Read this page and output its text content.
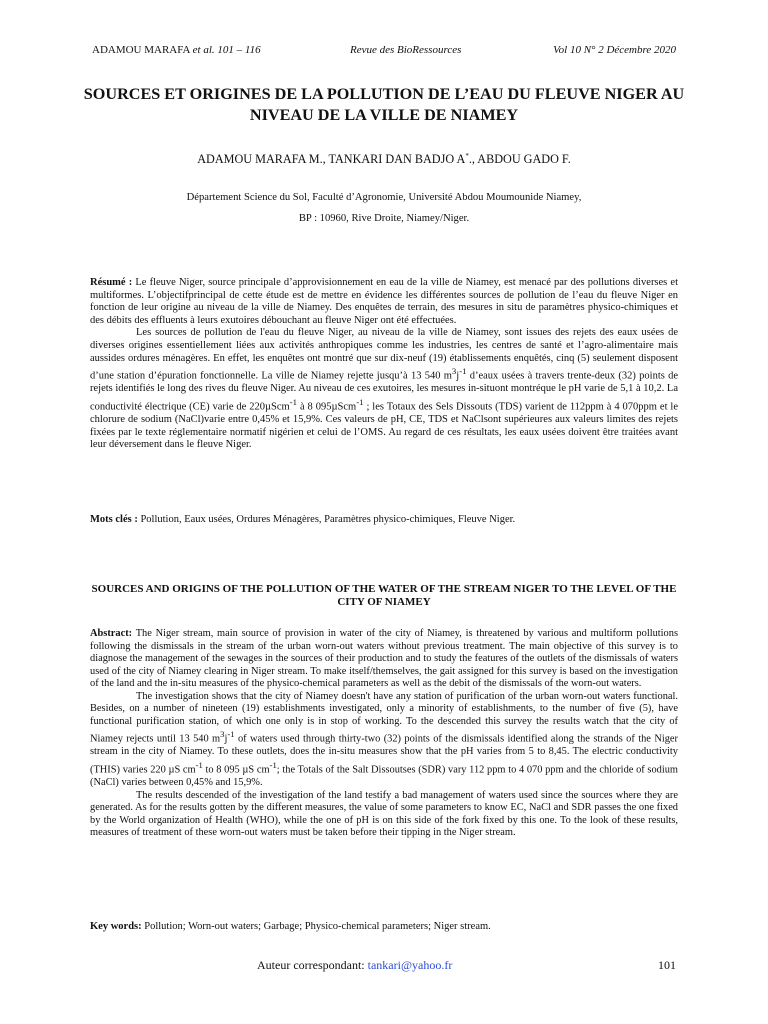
ADAMOU MARAFA et al. 101 – 116	Revue des BioRessources	Vol 10 N° 2 Décembre 2020
SOURCES ET ORIGINES DE LA POLLUTION DE L’EAU DU FLEUVE NIGER AU NIVEAU DE LA VILLE DE NIAMEY
ADAMOU MARAFA M., TANKARI DAN BADJO A*., ABDOU GADO F.
Département Science du Sol, Faculté d’Agronomie, Université Abdou Moumounide Niamey,
BP : 10960, Rive Droite, Niamey/Niger.

Résumé : Le fleuve Niger, source principale d’approvisionnement en eau de la ville de Niamey, est menacé par des pollutions diverses et multiformes. L’objectifprincipal de cette étude est de mettre en évidence les différentes sources de pollution de l’eau du fleuve Niger en fonction de leur origine au niveau de la ville de Niamey. Des enquêtes de terrain, des mesures in situ de paramètres physico-chimiques et des débits des effluents à leurs exutoires débouchant au fleuve Niger ont été effectuées.

Les sources de pollution de l'eau du fleuve Niger, au niveau de la ville de Niamey, sont issues des rejets des eaux usées de diverses origines essentiellement liées aux activités anthropiques comme les industries, les centres de santé et l’agro-alimentaire mais aussides ordures ménagères. En effet, les enquêtes ont montré que sur dix-neuf (19) établissements enquêtés, cinq (5) seulement disposent d’une station d’épuration fonctionnelle. La ville de Niamey rejette jusqu’à 13 540 $m^3j^{-1}$ d’eaux usées à travers trente-deux (32) points de rejets identifiés le long des rives du fleuve Niger. Au niveau de ces exutoires, les mesures in-situont montréque le pH varie de 5,1 à 10,2. La conductivité électrique (CE) varie de 220µScm$^{-1}$ à 8 095µScm$^{-1}$ ; les Totaux des Sels Dissouts (TDS) varient de 112ppm à 4 070ppm et le chlorure de sodium (NaCl)varie entre 0,45% et 15,9%. Ces valeurs de pH, CE, TDS et NaClsont supérieures aux valeurs limites des rejets fixées par le texte réglementaire normatif nigérien et celui de l’OMS. Au regard de ces résultats, les eaux usées doivent être traitées avant leur déversement dans le fleuve Niger.

Mots clés : Pollution, Eaux usées, Ordures Ménagères, Paramètres physico-chimiques, Fleuve Niger.
SOURCES AND ORIGINS OF THE POLLUTION OF THE WATER OF THE STREAM NIGER TO THE LEVEL OF THE CITY OF NIAMEY

Abstract: The Niger stream, main source of provision in water of the city of Niamey, is threatened by various and multiform pollutions following the dismissals in the stream of the urban worn-out waters without previous treatment. The main objective of this survey is to diagnose the management of the sewages in the sources of their production and to study the features of the outlets of the dismissals of waters used of the city of Niamey clearing in Niger stream. To make itself/themselves, the gait assigned for this survey is based on the investigation of the land and the in-situ measures of the physico-chemical parameters as well as the debit of the dismissals of the worn-out waters.

The investigation shows that the city of Niamey doesn't have any station of purification of the urban worn-out waters functional. Besides, on a number of nineteen (19) establishments investigated, only a minority of establishments, to the number of five (5), have functional purification station, of which one only is in stop of working. To the descended this survey the results watch that the city of Niamey rejects until 13 540 $m^3j^{-1}$ of waters used through thirty-two (32) points of the dismissals identified along the strands of the Niger stream in the city of Niamey. To these outlets, does the in-situ measures show that the pH varies from 5 to 8,45. The electric conductivity (THIS) varies 220 µS $cm^{-1}$ to 8 095 µS $cm^{-1}$; the Totals of the Salt Dissoutses (SDR) vary 112 ppm to 4 070 ppm and the chloride of sodium (NaCl) varies between 0,45% and 15,9%.

The results descended of the investigation of the land testify a bad management of waters used since the sources where they are generated. As for the results gotten by the different measures, the value of some parameters to know EC, NaCl and SDR passes the one fixed by the World organization of Health (WHO), while the one of pH is on this side of the fork fixed by this one. To the look of these results, measures of treatment of these worn-out waters must be taken before their tipping in the Niger stream.

Key words: Pollution; Worn-out waters; Garbage; Physico-chemical parameters; Niger stream.
Auteur correspondant: tankari@yahoo.fr	101
